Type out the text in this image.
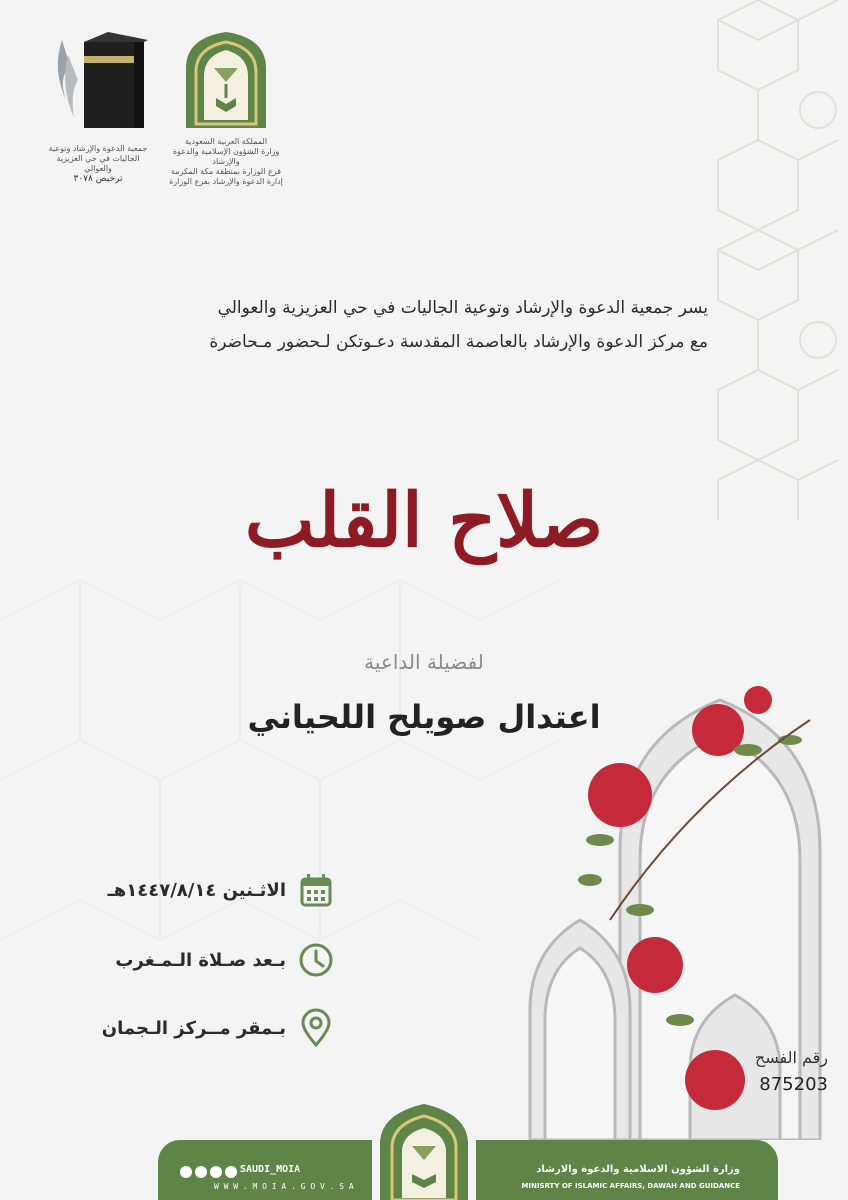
جمعية الدعوة والإرشاد وتوعية الجاليات في حي العزيزية والعوالي
ترخيص ٣٠٧٨
المملكة العربية السعودية
وزارة الشؤون الإسلامية والدعوة والإرشاد
فرع الوزارة بمنطقة مكة المكرمة
إدارة الدعوة والإرشاد بفرع الوزارة
يسر جمعية الدعوة والإرشاد وتوعية الجاليات في حي العزيزية والعوالي
مع مركز الدعوة والإرشاد بالعاصمة المقدسة دعـوتكن لـحضور مـحاضرة
صلاح القلب
لفضيلة الداعية
اعتدال صويلح اللحياني
الاثـنين ١٤٤٧/٨/١٤هـ
بـعد صـلاة الـمـغرب
بـمقر مــركز الـجمان
رقم الفسح
875203
SAUDI_MOIA
W W W . M O I A . G O V . S A
وزارة الشؤون الاسلامية والدعوة والارشاد
MINISRTY OF ISLAMIC AFFAIRS, DAWAH AND GUIDANCE
